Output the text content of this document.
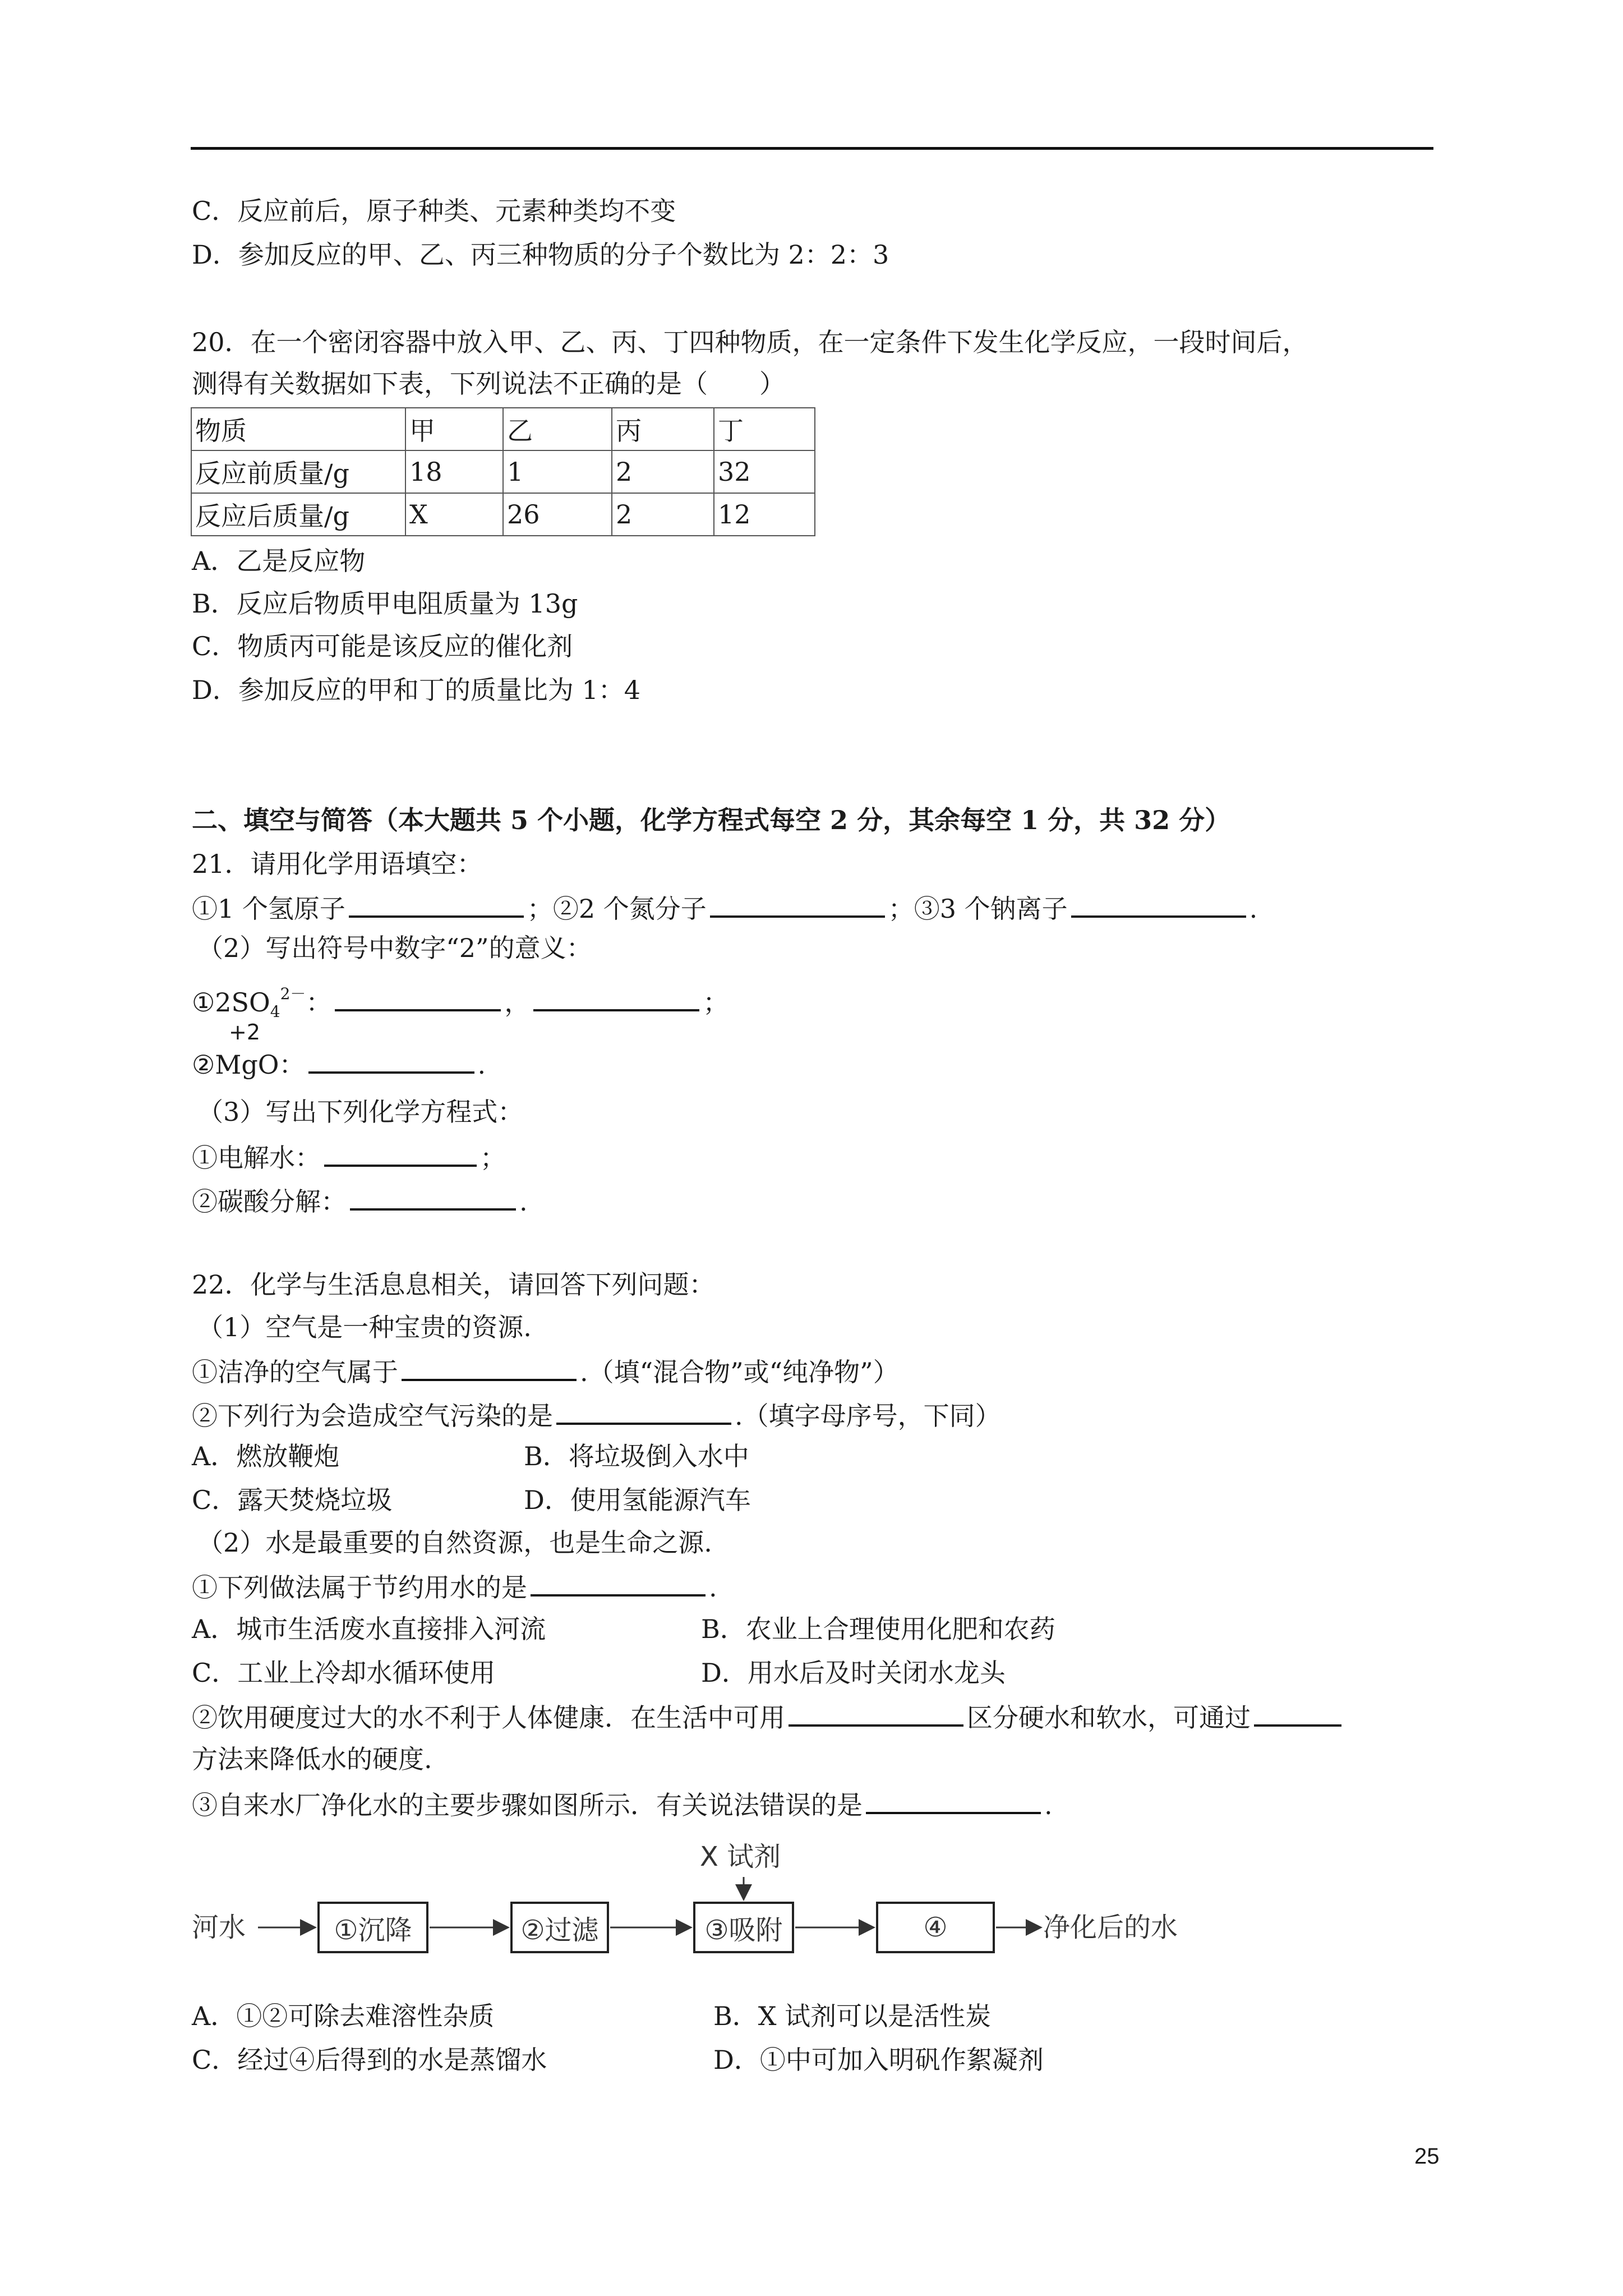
C．反应前后，原子种类、元素种类均不变
D．参加反应的甲、乙、丙三种物质的分子个数比为 2：2：3
20．在一个密闭容器中放入甲、乙、丙、丁四种物质，在一定条件下发生化学反应，一段时间后，
测得有关数据如下表，下列说法不正确的是（　　）
物质	甲	乙	丙	丁
反应前质量/g	18	1	2	32
反应后质量/g	X	26	2	12
A．乙是反应物
B．反应后物质甲电阻质量为 13g
C．物质丙可能是该反应的催化剂
D．参加反应的甲和丁的质量比为 1：4
二、填空与简答（本大题共 5 个小题，化学方程式每空 2 分，其余每空 1 分，共 32 分）
21．请用化学用语填空：
①1 个氢原子	；②2 个氮分子	；③3 个钠离子	.
（2）写出符号中数字“2”的意义：
$①2SO_4^{2-}$：	，	；
+2
②MgO：	.
（3）写出下列化学方程式：
①电解水：	；
②碳酸分解：	.
22．化学与生活息息相关，请回答下列问题：
（1）空气是一种宝贵的资源.
①洁净的空气属于	.（填“混合物”或“纯净物”）
②下列行为会造成空气污染的是	.（填字母序号，下同）
A．燃放鞭炮	B．将垃圾倒入水中
C．露天焚烧垃圾	D．使用氢能源汽车
（2）水是最重要的自然资源，也是生命之源.
①下列做法属于节约用水的是	.
A．城市生活废水直接排入河流	B．农业上合理使用化肥和农药
C．工业上冷却水循环使用	D．用水后及时关闭水龙头
②饮用硬度过大的水不利于人体健康．在生活中可用	区分硬水和软水，可通过
方法来降低水的硬度.
③自来水厂净化水的主要步骤如图所示．有关说法错误的是	.
X 试剂
河水	①沉降	②过滤	③吸附	④	净化后的水
A．①②可除去难溶性杂质	B．X 试剂可以是活性炭
C．经过④后得到的水是蒸馏水	D．①中可加入明矾作絮凝剂
25
